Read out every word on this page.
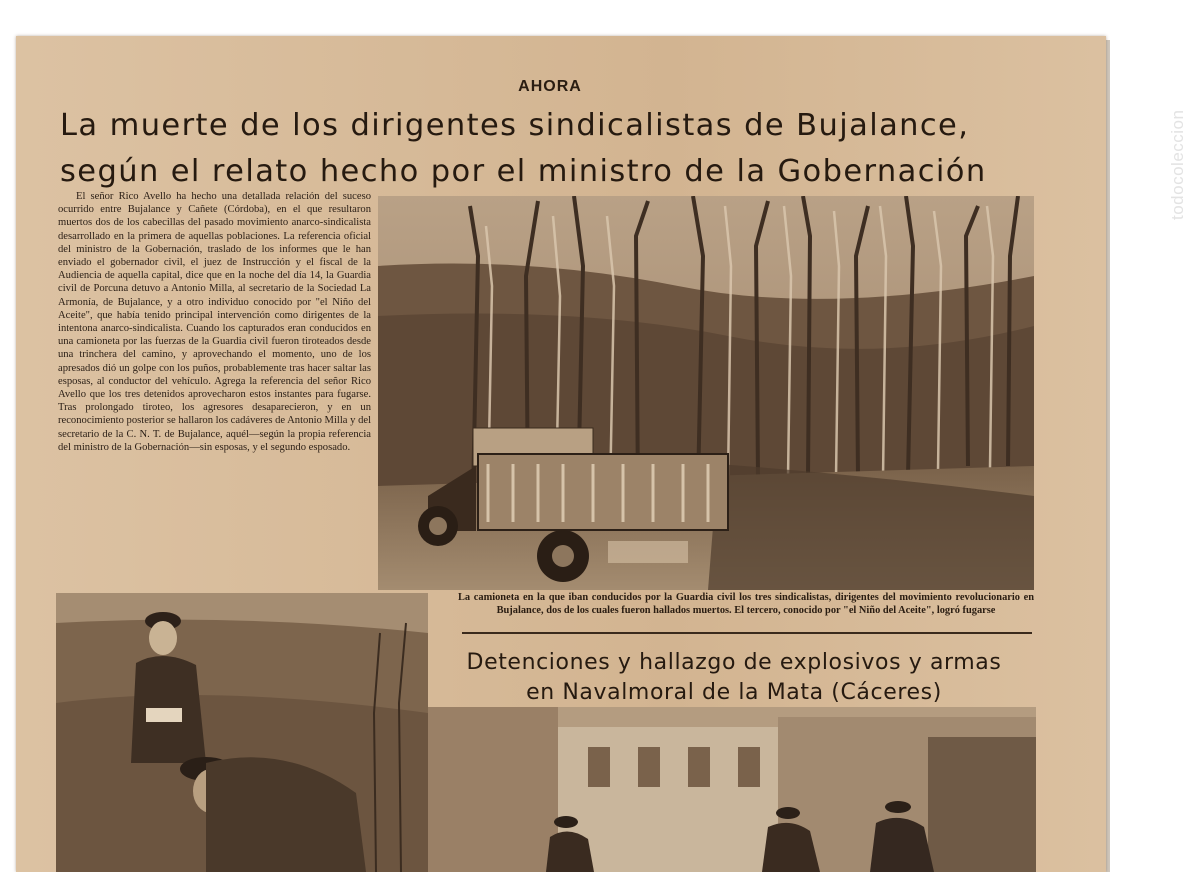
AHORA
La muerte de los dirigentes sindicalistas de Bujalance,
según el relato hecho por el ministro de la Gobernación
El señor Rico Avello ha hecho una detallada relación del suceso ocurrido entre Bujalance y Cañete (Córdoba), en el que resultaron muertos dos de los cabecillas del pasado movimiento anarco-sindicalista desarrollado en la primera de aquellas poblaciones. La referencia oficial del ministro de la Gobernación, traslado de los informes que le han enviado el gobernador civil, el juez de Instrucción y el fiscal de la Audiencia de aquella capital, dice que en la noche del día 14, la Guardia civil de Porcuna detuvo a Antonio Milla, al secretario de la Sociedad La Armonía, de Bujalance, y a otro individuo conocido por "el Niño del Aceite", que había tenido principal intervención como dirigentes de la intentona anarco-sindicalista. Cuando los capturados eran conducidos en una camioneta por las fuerzas de la Guardia civil fueron tiroteados desde una trinchera del camino, y aprovechando el momento, uno de los apresados dió un golpe con los puños, probablemente tras hacer saltar las esposas, al conductor del vehículo. Agrega la referencia del señor Rico Avello que los tres detenidos aprovecharon estos instantes para fugarse. Tras prolongado tiroteo, los agresores desaparecieron, y en un reconocimiento posterior se hallaron los cadáveres de Antonio Milla y del secretario de la C. N. T. de Bujalance, aquél—según la propia referencia del ministro de la Gobernación—sin esposas, y el segundo esposado.
La camioneta en la que iban conducidos por la Guardia civil los tres sindicalistas, dirigentes del movimiento revolucionario en Bujalance, dos de los cuales fueron hallados muertos. El tercero, conocido por "el Niño del Aceite", logró fugarse
Detenciones y hallazgo de explosivos y armas
en Navalmoral de la Mata (Cáceres)
todocoleccion
